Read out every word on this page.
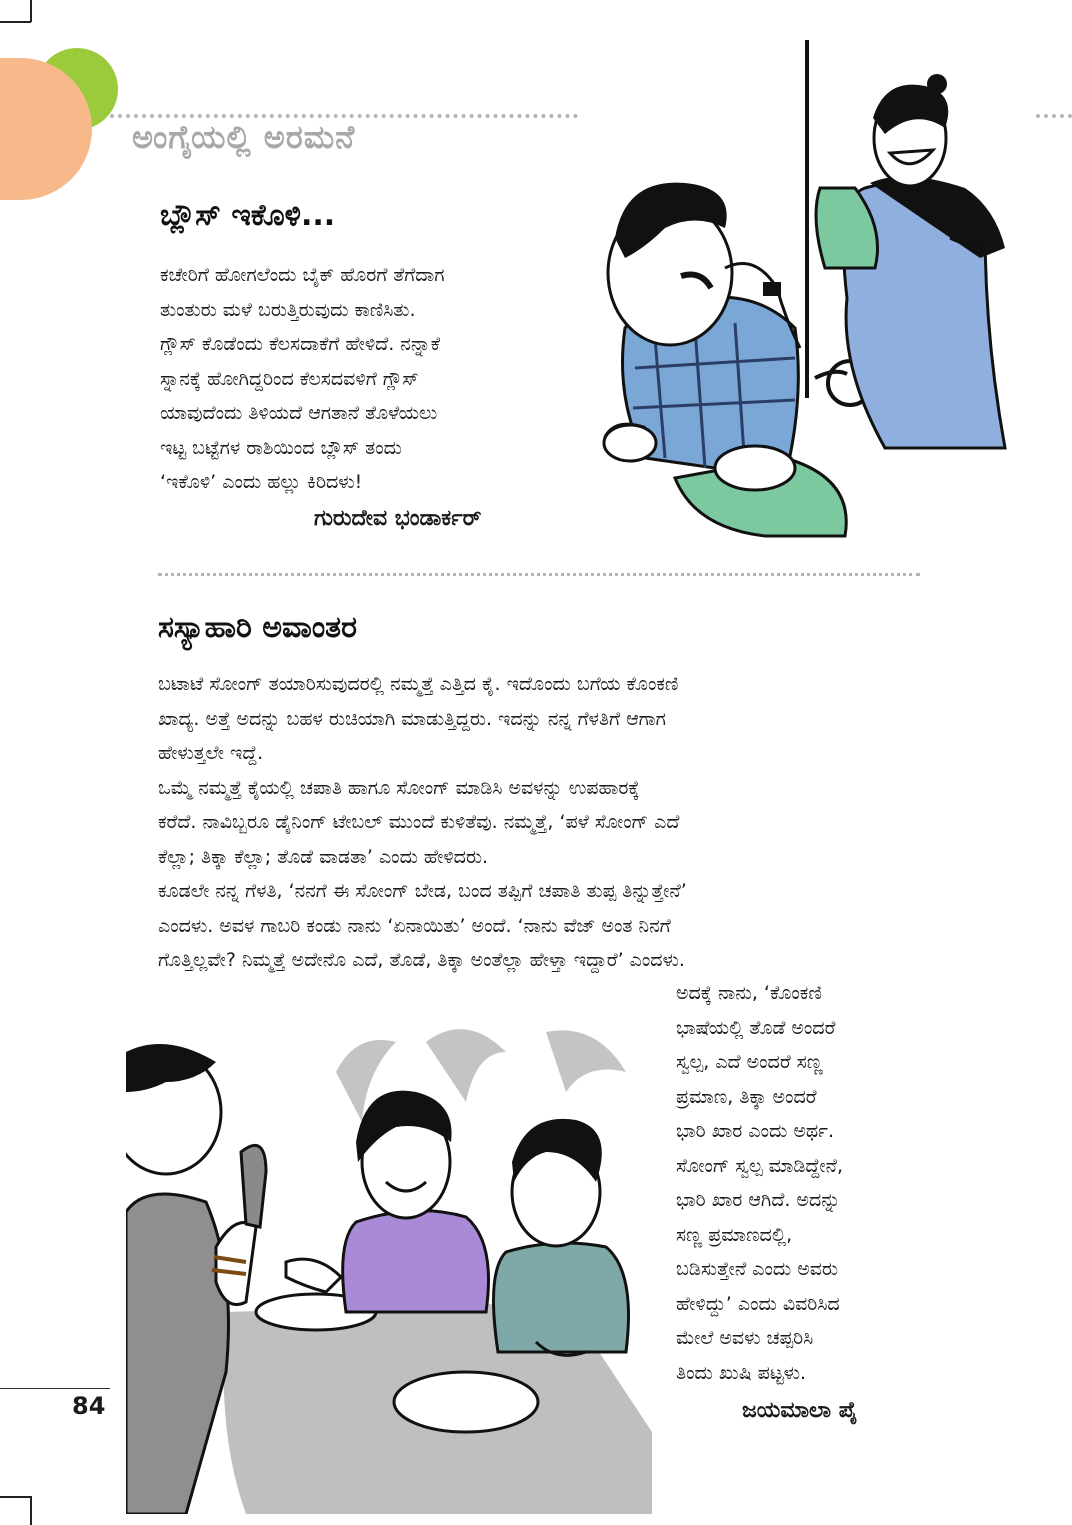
ಅಂಗೈಯಲ್ಲಿ ಅರಮನೆ
ಬ್ಲೌಸ್ ಇಕೊಳಿ...

ಕಚೇರಿಗೆ ಹೋಗಲೆಂದು ಬೈಕ್ ಹೊರಗೆ ತೆಗೆದಾಗ

ತುಂತುರು ಮಳೆ ಬರುತ್ತಿರುವುದು ಕಾಣಿಸಿತು.

ಗ್ಲೌಸ್ ಕೊಡೆಂದು ಕೆಲಸದಾಕೆಗೆ ಹೇಳಿದೆ. ನನ್ನಾಕೆ

ಸ್ನಾನಕ್ಕೆ ಹೋಗಿದ್ದರಿಂದ ಕೆಲಸದವಳಿಗೆ ಗ್ಲೌಸ್

ಯಾವುದೆಂದು ತಿಳಿಯದೆ ಆಗತಾನೆ ತೊಳೆಯಲು

ಇಟ್ಟ ಬಟ್ಟೆಗಳ ರಾಶಿಯಿಂದ ಬ್ಲೌಸ್ ತಂದು

‘ಇಕೊಳಿ’ ಎಂದು ಹಲ್ಲು ಕಿರಿದಳು!

ಗುರುದೇವ ಭಂಡಾರ್ಕರ್
ಸಸ್ಯಾಹಾರಿ ಅವಾಂತರ

ಬಟಾಟೆ ಸೋಂಗ್ ತಯಾರಿಸುವುದರಲ್ಲಿ ನಮ್ಮತ್ತೆ ಎತ್ತಿದ ಕೈ. ಇದೊಂದು ಬಗೆಯ ಕೊಂಕಣಿ

ಖಾದ್ಯ. ಅತ್ತೆ ಅದನ್ನು ಬಹಳ ರುಚಿಯಾಗಿ ಮಾಡುತ್ತಿದ್ದರು. ಇದನ್ನು ನನ್ನ ಗೆಳತಿಗೆ ಆಗಾಗ

ಹೇಳುತ್ತಲೇ ಇದ್ದೆ.

ಒಮ್ಮೆ ನಮ್ಮತ್ತೆ ಕೈಯಲ್ಲಿ ಚಪಾತಿ ಹಾಗೂ ಸೋಂಗ್ ಮಾಡಿಸಿ ಅವಳನ್ನು ಉಪಹಾರಕ್ಕೆ

ಕರೆದೆ. ನಾವಿಬ್ಬರೂ ಡೈನಿಂಗ್ ಟೇಬಲ್ ಮುಂದೆ ಕುಳಿತೆವು. ನಮ್ಮತ್ತೆ, ‘ಪಳೆ ಸೋಂಗ್ ಎದೆ

ಕೆಲ್ಲಾ; ತಿಕ್ಕಾ ಕೆಲ್ಲಾ; ತೊಡೆ ವಾಡತಾ’ ಎಂದು ಹೇಳಿದರು.

ಕೂಡಲೇ ನನ್ನ ಗೆಳತಿ, ‘ನನಗೆ ಈ ಸೋಂಗ್ ಬೇಡ, ಬಂದ ತಪ್ಪಿಗೆ ಚಪಾತಿ ತುಪ್ಪ ತಿನ್ನುತ್ತೇನೆ’

ಎಂದಳು. ಅವಳ ಗಾಬರಿ ಕಂಡು ನಾನು ‘ಏನಾಯಿತು’ ಅಂದೆ. ‘ನಾನು ವೆಜ್ ಅಂತ ನಿನಗೆ

ಗೊತ್ತಿಲ್ಲವೇ? ನಿಮ್ಮತ್ತೆ ಅದೇನೊ ಎದೆ, ತೊಡೆ, ತಿಕ್ಕಾ ಅಂತೆಲ್ಲಾ ಹೇಳ್ತಾ ಇದ್ದಾರೆ’ ಎಂದಳು.

ಅದಕ್ಕೆ ನಾನು, ‘ಕೊಂಕಣಿ

ಭಾಷೆಯಲ್ಲಿ ತೊಡೆ ಅಂದರೆ

ಸ್ವಲ್ಪ, ಎದೆ ಅಂದರೆ ಸಣ್ಣ

ಪ್ರಮಾಣ, ತಿಕ್ಕಾ ಅಂದರೆ

ಭಾರಿ ಖಾರ ಎಂದು ಅರ್ಥ.

ಸೋಂಗ್ ಸ್ವಲ್ಪ ಮಾಡಿದ್ದೇನೆ,

ಭಾರಿ ಖಾರ ಆಗಿದೆ. ಅದನ್ನು

ಸಣ್ಣ ಪ್ರಮಾಣದಲ್ಲಿ,

ಬಡಿಸುತ್ತೇನೆ ಎಂದು ಅವರು

ಹೇಳಿದ್ದು’ ಎಂದು ವಿವರಿಸಿದ

ಮೇಲೆ ಅವಳು ಚಪ್ಪರಿಸಿ

ತಿಂದು ಖುಷಿ ಪಟ್ಟಳು.

ಜಯಮಾಲಾ ಪೈ
84
